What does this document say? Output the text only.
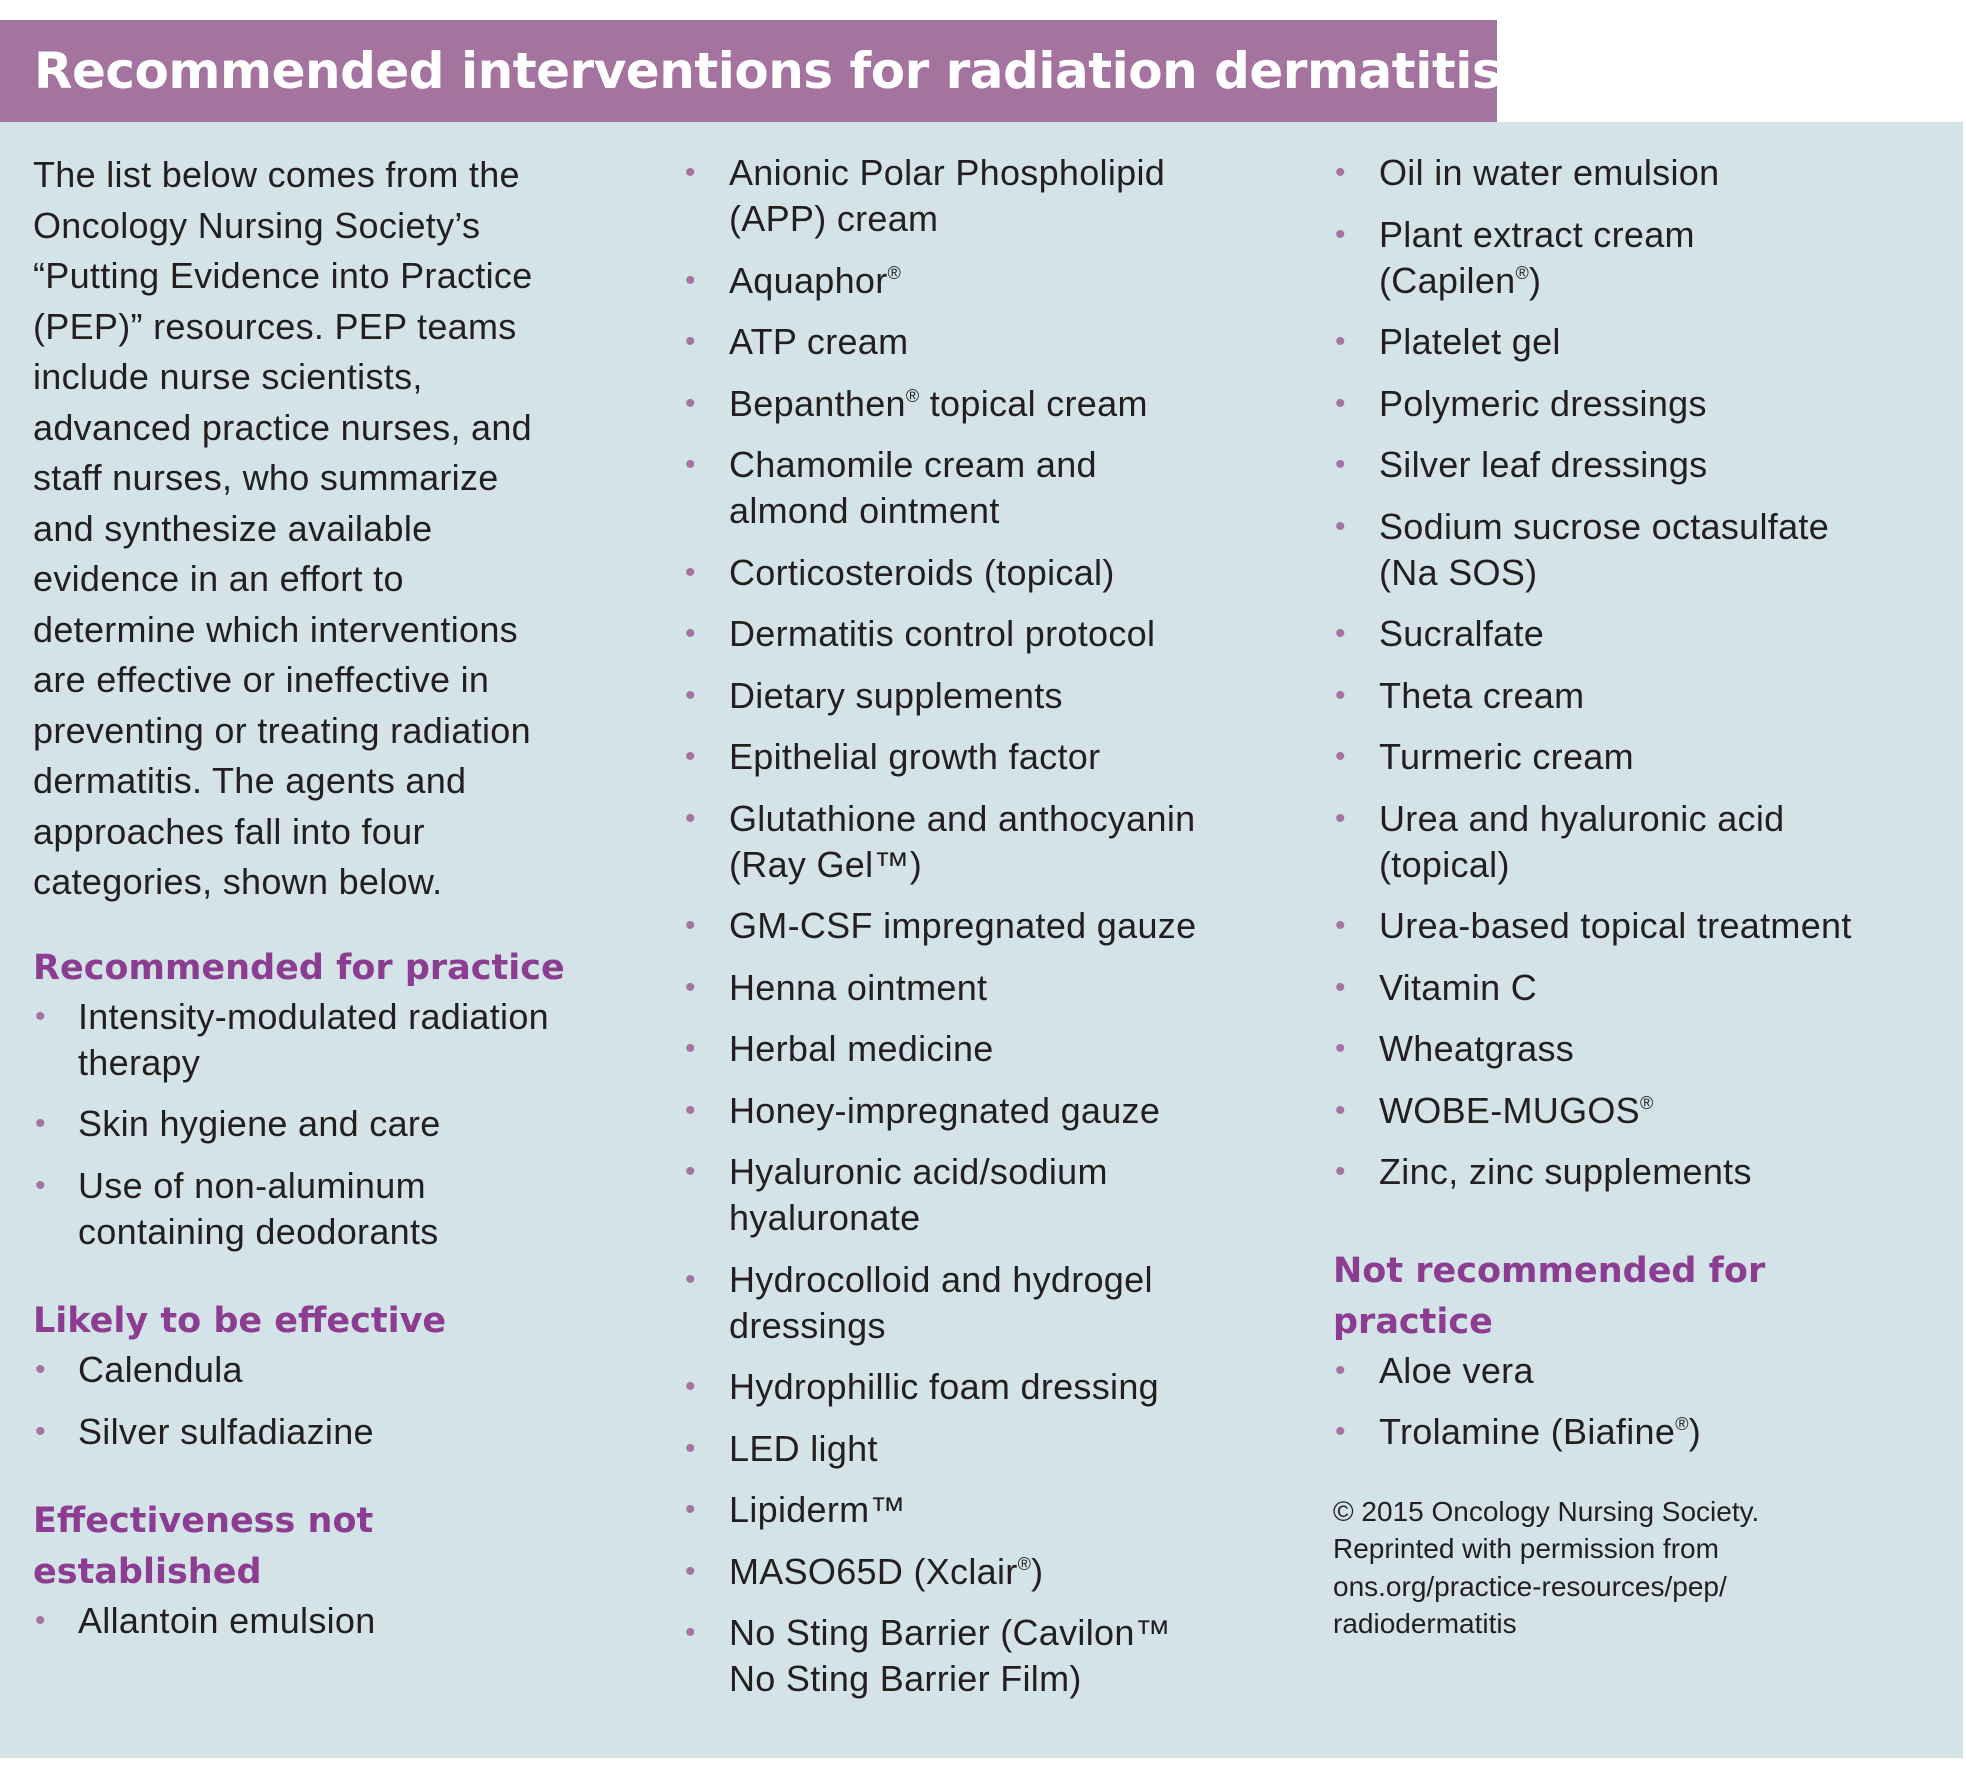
Recommended interventions for radiation dermatitis

The list below comes from the
Oncology Nursing Society’s
“Putting Evidence into Practice
(PEP)” resources. PEP teams
include nurse scientists,
advanced practice nurses, and
staff nurses, who summarize
and synthesize available
evidence in an effort to
determine which interventions
are effective or ineffective in
preventing or treating radiation
dermatitis. The agents and
approaches fall into four
categories, shown below.

Recommended for practice
• Intensity-modulated radiation
therapy
• Skin hygiene and care
• Use of non-aluminum
containing deodorants
Likely to be effective
• Calendula
• Silver sulfadiazine
Effectiveness not
established
• Allantoin emulsion
• Anionic Polar Phospholipid
(APP) cream
• Aquaphor®
• ATP cream
• Bepanthen® topical cream
• Chamomile cream and
almond ointment
• Corticosteroids (topical)
• Dermatitis control protocol
• Dietary supplements
• Epithelial growth factor
• Glutathione and anthocyanin
(Ray Gel™)
• GM-CSF impregnated gauze
• Henna ointment
• Herbal medicine
• Honey-impregnated gauze
• Hyaluronic acid/sodium
hyaluronate
• Hydrocolloid and hydrogel
dressings
• Hydrophillic foam dressing
• LED light
• Lipiderm™
• MASO65D (Xclair®)
• No Sting Barrier (Cavilon™
No Sting Barrier Film)
• Oil in water emulsion
• Plant extract cream
(Capilen®)
• Platelet gel
• Polymeric dressings
• Silver leaf dressings
• Sodium sucrose octasulfate
(Na SOS)
• Sucralfate
• Theta cream
• Turmeric cream
• Urea and hyaluronic acid
(topical)
• Urea-based topical treatment
• Vitamin C
• Wheatgrass
• WOBE-MUGOS®
• Zinc, zinc supplements
Not recommended for
practice
• Aloe vera
• Trolamine (Biafine®)

© 2015 Oncology Nursing Society.
Reprinted with permission from
ons.org/practice-resources/pep/
radiodermatitis
